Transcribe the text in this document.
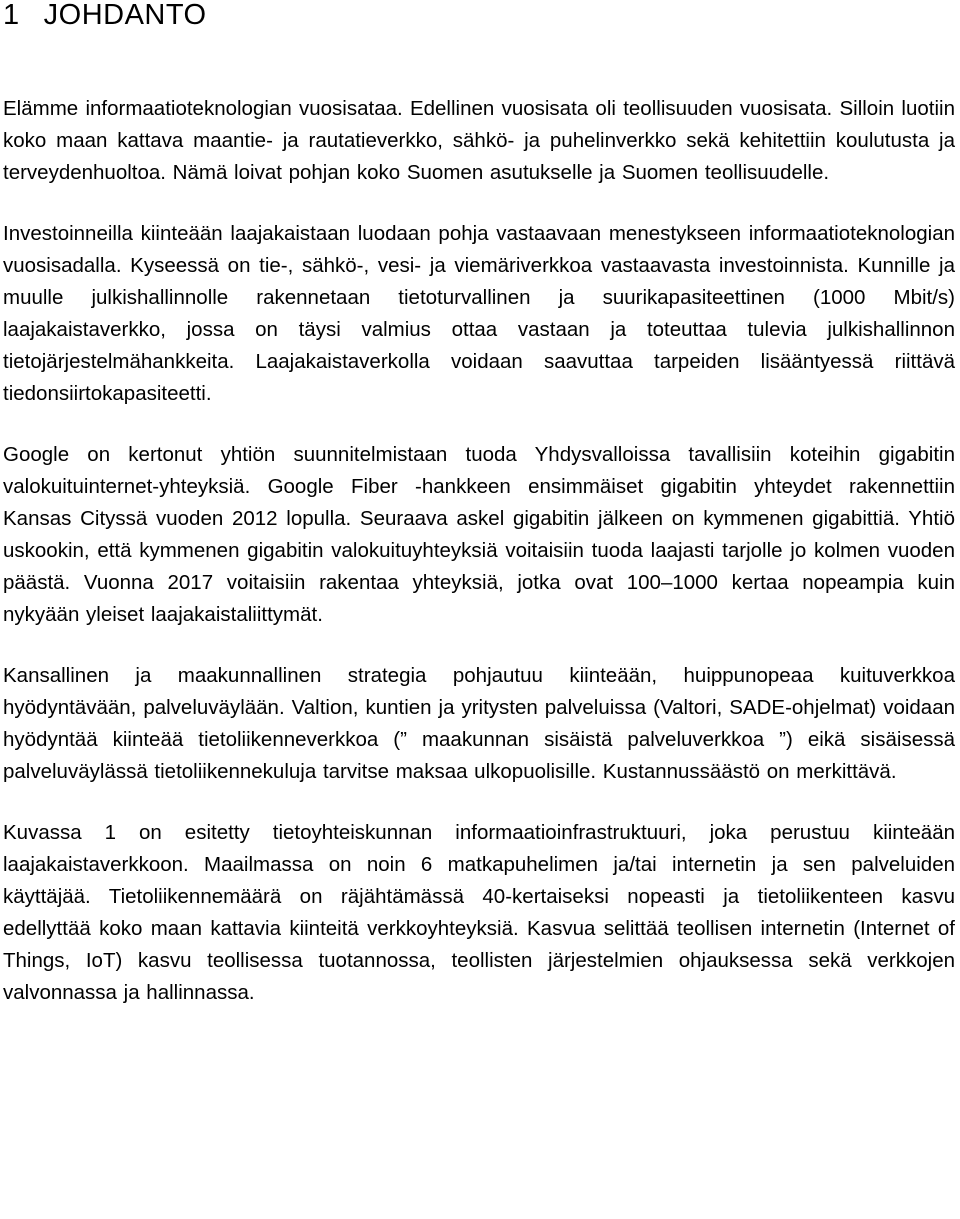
1 JOHDANTO

Elämme informaatioteknologian vuosisataa. Edellinen vuosisata oli teollisuuden vuosisata. Silloin luotiin koko maan kattava maantie- ja rautatieverkko, sähkö- ja puhelinverkko sekä kehitettiin koulutusta ja terveydenhuoltoa. Nämä loivat pohjan koko Suomen asutukselle ja Suomen teollisuudelle.

Investoinneilla kiinteään laajakaistaan luodaan pohja vastaavaan menestykseen informaatioteknologian vuosisadalla. Kyseessä on tie-, sähkö-, vesi- ja viemäriverkkoa vastaavasta investoinnista. Kunnille ja muulle julkishallinnolle rakennetaan tietoturvallinen ja suurikapasiteettinen (1000 Mbit/s) laajakaistaverkko, jossa on täysi valmius ottaa vastaan ja toteuttaa tulevia julkishallinnon tietojärjestelmähankkeita. Laajakaistaverkolla voidaan saavuttaa tarpeiden lisääntyessä riittävä tiedonsiirtokapasiteetti.

Google on kertonut yhtiön suunnitelmistaan tuoda Yhdysvalloissa tavallisiin koteihin gigabitin valokuituinternet-yhteyksiä. Google Fiber -hankkeen ensimmäiset gigabitin yhteydet rakennettiin Kansas Cityssä vuoden 2012 lopulla. Seuraava askel gigabitin jälkeen on kymmenen gigabittiä. Yhtiö uskookin, että kymmenen gigabitin valokuituyhteyksiä voitaisiin tuoda laajasti tarjolle jo kolmen vuoden päästä. Vuonna 2017 voitaisiin rakentaa yhteyksiä, jotka ovat 100–1000 kertaa nopeampia kuin nykyään yleiset laajakaistaliittymät.

Kansallinen ja maakunnallinen strategia pohjautuu kiinteään, huippunopeaa kuituverkkoa hyödyntävään, palveluväylään. Valtion, kuntien ja yritysten palveluissa (Valtori, SADE-ohjelmat) voidaan hyödyntää kiinteää tietoliikenneverkkoa (” maakunnan sisäistä palveluverkkoa ”) eikä sisäisessä palveluväylässä tietoliikennekuluja tarvitse maksaa ulkopuolisille. Kustannussäästö on merkittävä.

Kuvassa 1 on esitetty tietoyhteiskunnan informaatioinfrastruktuuri, joka perustuu kiinteään laajakaistaverkkoon. Maailmassa on noin 6 matkapuhelimen ja/tai internetin ja sen palveluiden käyttäjää. Tietoliikennemäärä on räjähtämässä 40-kertaiseksi nopeasti ja tietoliikenteen kasvu edellyttää koko maan kattavia kiinteitä verkkoyhteyksiä. Kasvua selittää teollisen internetin (Internet of Things, IoT) kasvu teollisessa tuotannossa, teollisten järjestelmien ohjauksessa sekä verkkojen valvonnassa ja hallinnassa.
